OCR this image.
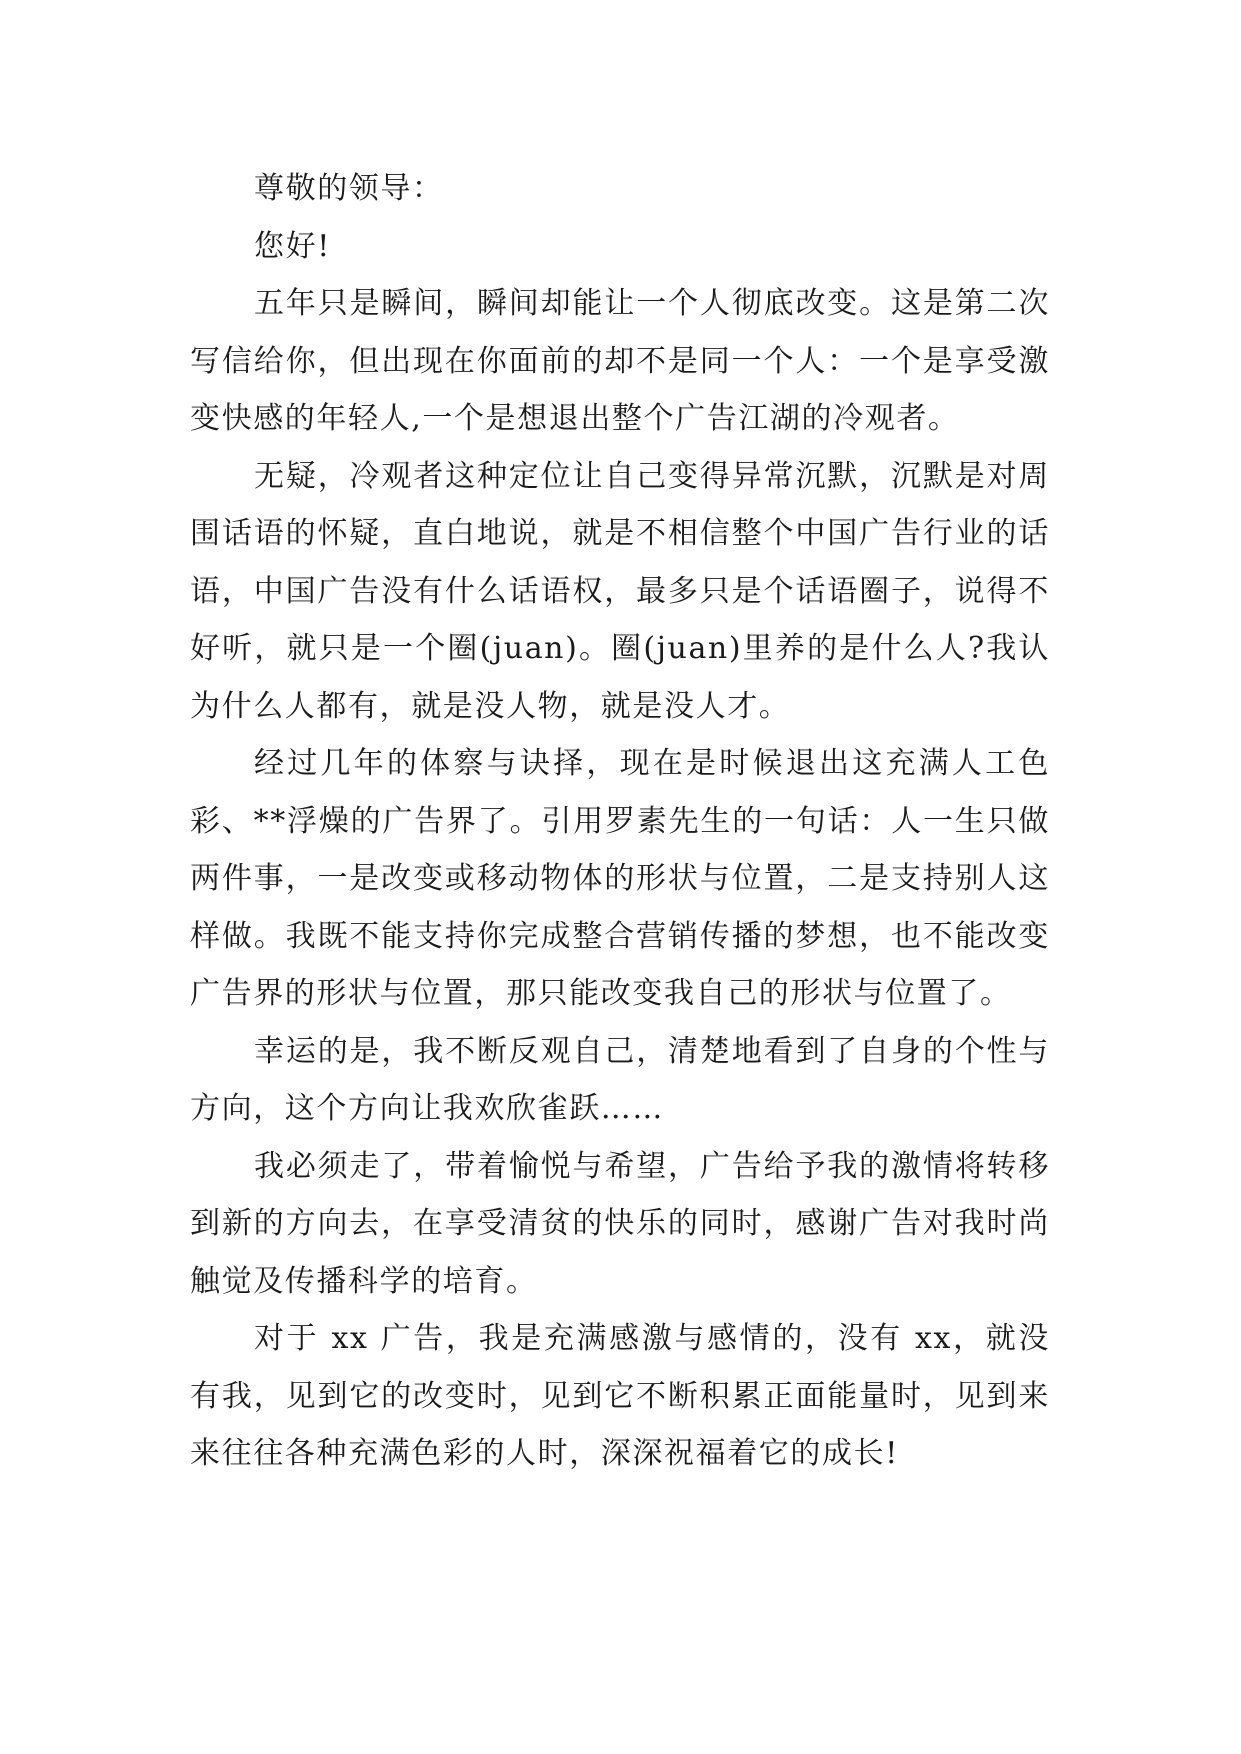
尊敬的领导：

您好!

五年只是瞬间，瞬间却能让一个人彻底改变。这是第二次写信给你，但出现在你面前的却不是同一个人：一个是享受激变快感的年轻人,一个是想退出整个广告江湖的冷观者。

无疑，冷观者这种定位让自己变得异常沉默，沉默是对周围话语的怀疑，直白地说，就是不相信整个中国广告行业的话语，中国广告没有什么话语权，最多只是个话语圈子，说得不好听，就只是一个圈(juan)。圈(juan)里养的是什么人?我认为什么人都有，就是没人物，就是没人才。

经过几年的体察与诀择，现在是时候退出这充满人工色彩、**浮燥的广告界了。引用罗素先生的一句话：人一生只做两件事，一是改变或移动物体的形状与位置，二是支持别人这样做。我既不能支持你完成整合营销传播的梦想，也不能改变广告界的形状与位置，那只能改变我自己的形状与位置了。

幸运的是，我不断反观自己，清楚地看到了自身的个性与方向，这个方向让我欢欣雀跃……

我必须走了，带着愉悦与希望，广告给予我的激情将转移到新的方向去，在享受清贫的快乐的同时，感谢广告对我时尚触觉及传播科学的培育。

对于 xx 广告，我是充满感激与感情的，没有 xx，就没有我，见到它的改变时，见到它不断积累正面能量时，见到来来往往各种充满色彩的人时，深深祝福着它的成长!
